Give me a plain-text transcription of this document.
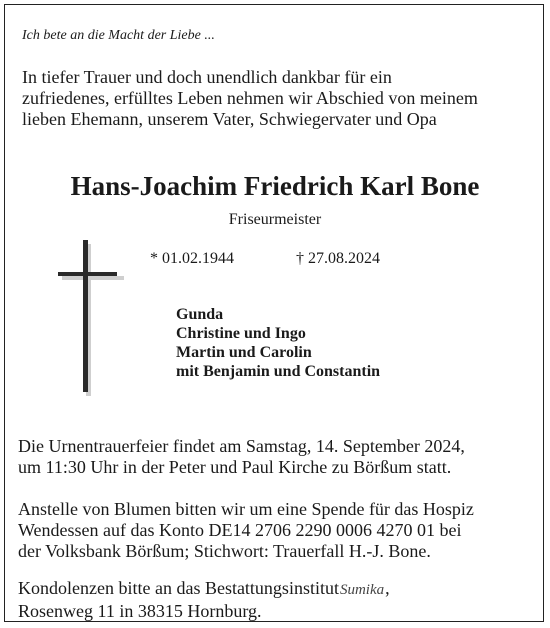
Ich bete an die Macht der Liebe ...

In tiefer Trauer und doch unendlich dankbar für ein
zufriedenes, erfülltes Leben nehmen wir Abschied von meinem
lieben Ehemann, unserem Vater, Schwiegervater und Opa

Hans-Joachim Friedrich Karl Bone

Friseurmeister

* 01.02.1944	† 27.08.2024

Gunda
Christine und Ingo
Martin und Carolin
mit Benjamin und Constantin

Die Urnentrauerfeier findet am Samstag, 14. September 2024,
um 11:30 Uhr in der Peter und Paul Kirche zu Börßum statt.

Anstelle von Blumen bitten wir um eine Spende für das Hospiz
Wendessen auf das Konto DE14 2706 2290 0006 4270 01 bei
der Volksbank Börßum; Stichwort: Trauerfall H.-J. Bone.

Kondolenzen bitte an das BestattungsinstitutSumika,
Rosenweg 11 in 38315 Hornburg.
